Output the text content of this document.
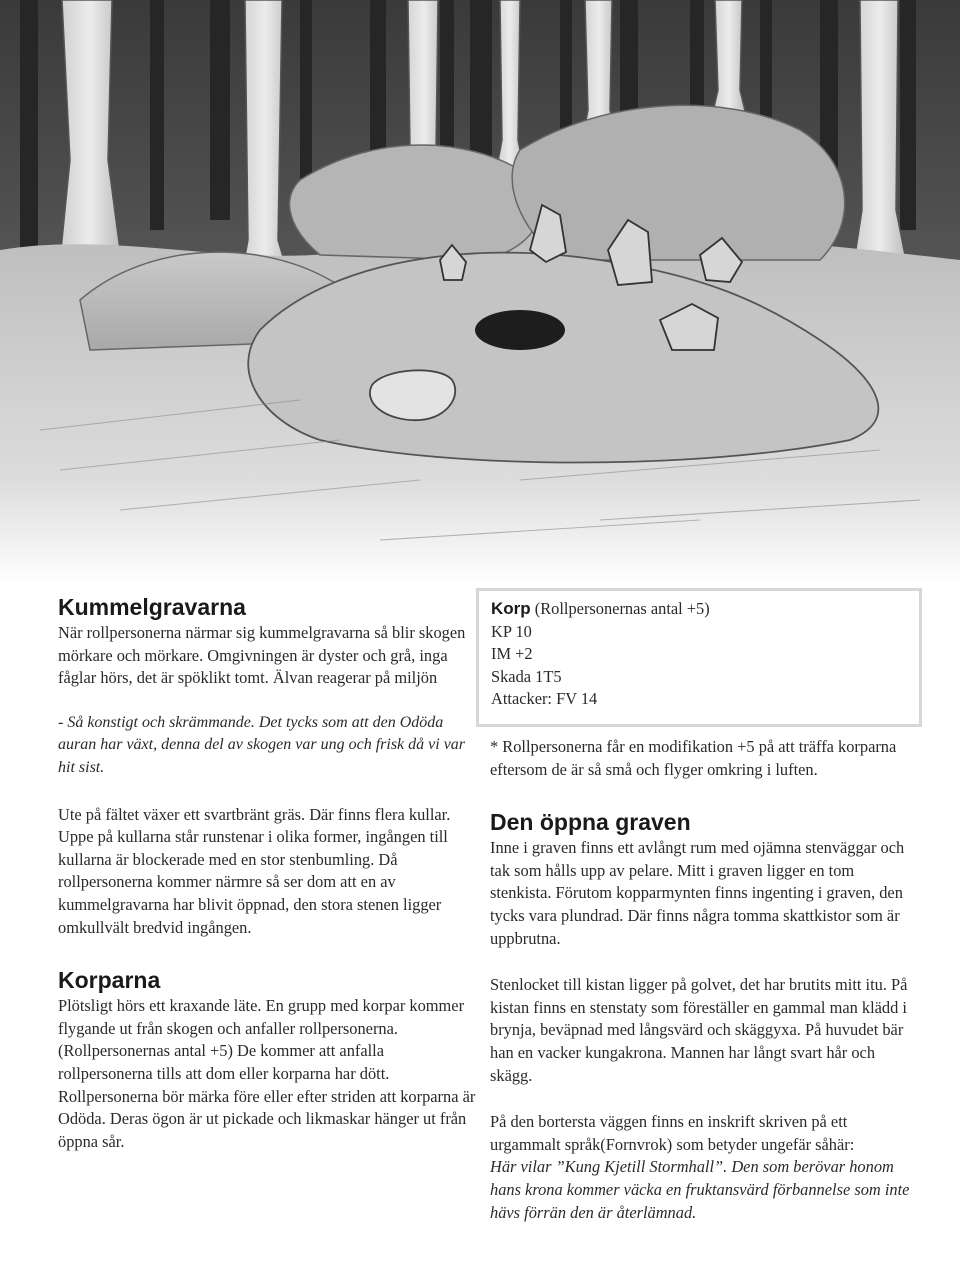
Kummelgravarna

När rollpersonerna närmar sig kummelgravarna så blir skogen mörkare och mörkare. Omgivningen är dyster och grå, inga fåglar hörs, det är spöklikt tomt. Älvan reagerar på miljön

- Så konstigt och skrämmande. Det tycks som att den Odöda auran har växt, denna del av skogen var ung och frisk då vi var hit sist.

Ute på fältet växer ett svartbränt gräs. Där finns flera kullar. Uppe på kullarna står runstenar i olika former, ingången till kullarna är blockerade med en stor stenbumling. Då rollpersonerna kommer närmre så ser dom att en av kummelgravarna har blivit öppnad, den stora stenen ligger omkullvält bredvid ingången.

Korparna

Plötsligt hörs ett kraxande läte. En grupp med korpar kommer flygande ut från skogen och anfaller rollpersonerna. (Rollpersonernas antal +5) De kommer att anfalla rollpersonerna tills att dom eller korparna har dött. Rollpersonerna bör märka före eller efter striden att korparna är Odöda. Deras ögon är ut pickade och likmaskar hänger ut från öppna sår.

Korp (Rollpersonernas antal +5)
KP 10
IM +2
Skada 1T5
Attacker: FV 14

* Rollpersonerna får en modifikation +5 på att träffa korparna eftersom de är så små och flyger omkring i luften.

Den öppna graven

Inne i graven finns ett avlångt rum med ojämna stenväggar och tak som hålls upp av pelare. Mitt i graven ligger en tom stenkista. Förutom kopparmynten finns ingenting i graven, den tycks vara plundrad. Där finns några tomma skattkistor som är uppbrutna.

Stenlocket till kistan ligger på golvet, det har brutits mitt itu. På kistan finns en stenstaty som föreställer en gammal man klädd i brynja, beväpnad med långsvärd och skäggyxa. På huvudet bär han en vacker kungakrona. Mannen har långt svart hår och skägg.

På den bortersta väggen finns en inskrift skriven på ett urgammalt språk(Fornvrok) som betyder ungefär såhär:

Här vilar ”Kung Kjetill Stormhall”. Den som berövar honom hans krona kommer väcka en fruktansvärd förbannelse som inte hävs förrän den är återlämnad.
